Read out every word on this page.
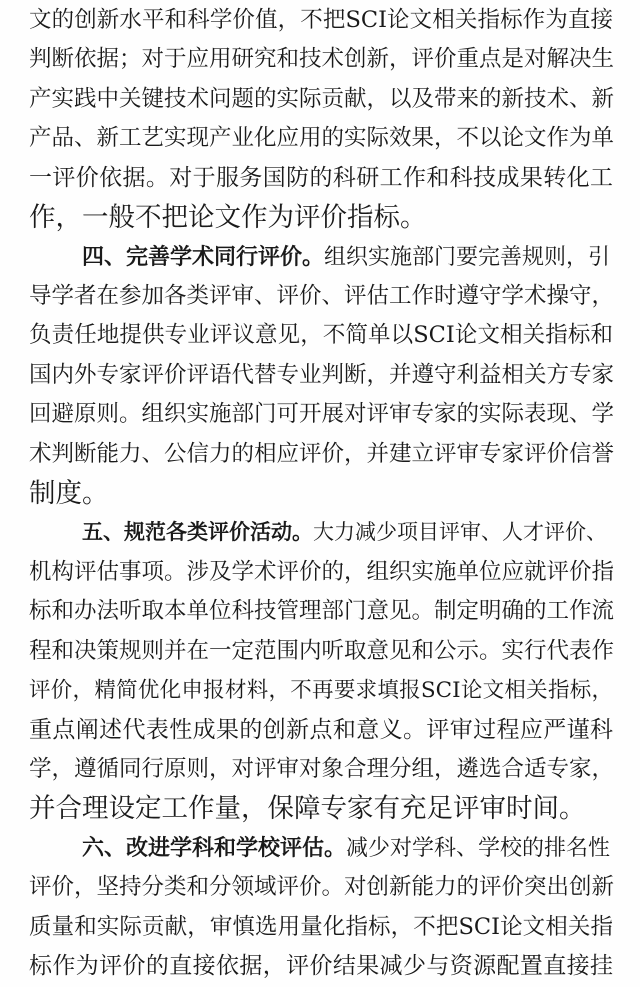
文的创新水平和科学价值，不把SCI论文相关指标作为直接
判断依据；对于应用研究和技术创新，评价重点是对解决生
产实践中关键技术问题的实际贡献，以及带来的新技术、新
产品、新工艺实现产业化应用的实际效果，不以论文作为单
一评价依据。对于服务国防的科研工作和科技成果转化工
作，一般不把论文作为评价指标。
四、完善学术同行评价。组织实施部门要完善规则，引
导学者在参加各类评审、评价、评估工作时遵守学术操守，
负责任地提供专业评议意见，不简单以SCI论文相关指标和
国内外专家评价评语代替专业判断，并遵守利益相关方专家
回避原则。组织实施部门可开展对评审专家的实际表现、学
术判断能力、公信力的相应评价，并建立评审专家评价信誉
制度。
五、规范各类评价活动。大力减少项目评审、人才评价、
机构评估事项。涉及学术评价的，组织实施单位应就评价指
标和办法听取本单位科技管理部门意见。制定明确的工作流
程和决策规则并在一定范围内听取意见和公示。实行代表作
评价，精简优化申报材料，不再要求填报SCI论文相关指标，
重点阐述代表性成果的创新点和意义。评审过程应严谨科
学，遵循同行原则，对评审对象合理分组，遴选合适专家，
并合理设定工作量，保障专家有充足评审时间。
六、改进学科和学校评估。减少对学科、学校的排名性
评价，坚持分类和分领域评价。对创新能力的评价突出创新
质量和实际贡献，审慎选用量化指标，不把SCI论文相关指
标作为评价的直接依据，评价结果减少与资源配置直接挂
